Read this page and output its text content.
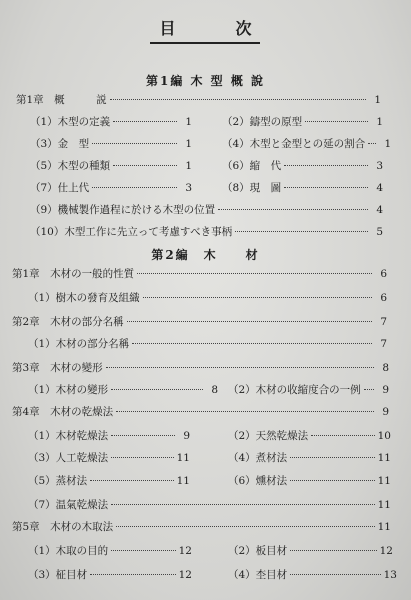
目　次
第1編 木 型 概 說
第1章　概　　　説	1
（1）木型の定義	1	（2）鑄型の原型	1
（3）金　型	1	（4）木型と金型との延の割合	1
（5）木型の種類	1	（6）縮　代	3
（7）仕上代	3	（8）現　圖	4
（9）機械製作過程に於ける木型の位置	4
（10）木型工作に先立って考慮すべき事柄	5
第2編　木　　材
第1章　木材の一般的性質	6
（1）樹木の發育及組織	6
第2章　木材の部分名稱	7
（1）木材の部分名稱	7
第3章　木材の變形	8
（1）木材の變形	8 （2）木材の收縮度合の一例	9
第4章　木材の乾燥法	9
（1）木材乾燥法	9	（2）天然乾燥法	10
（3）人工乾燥法	11	（4）煮材法	11
（5）蒸材法	11	（6）燻材法	11
（7）温氣乾燥法	11
第5章　木材の木取法	11
（1）木取の目的	12	（2）板目材	12
（3）柾目材	12	（4）杢目材	13
